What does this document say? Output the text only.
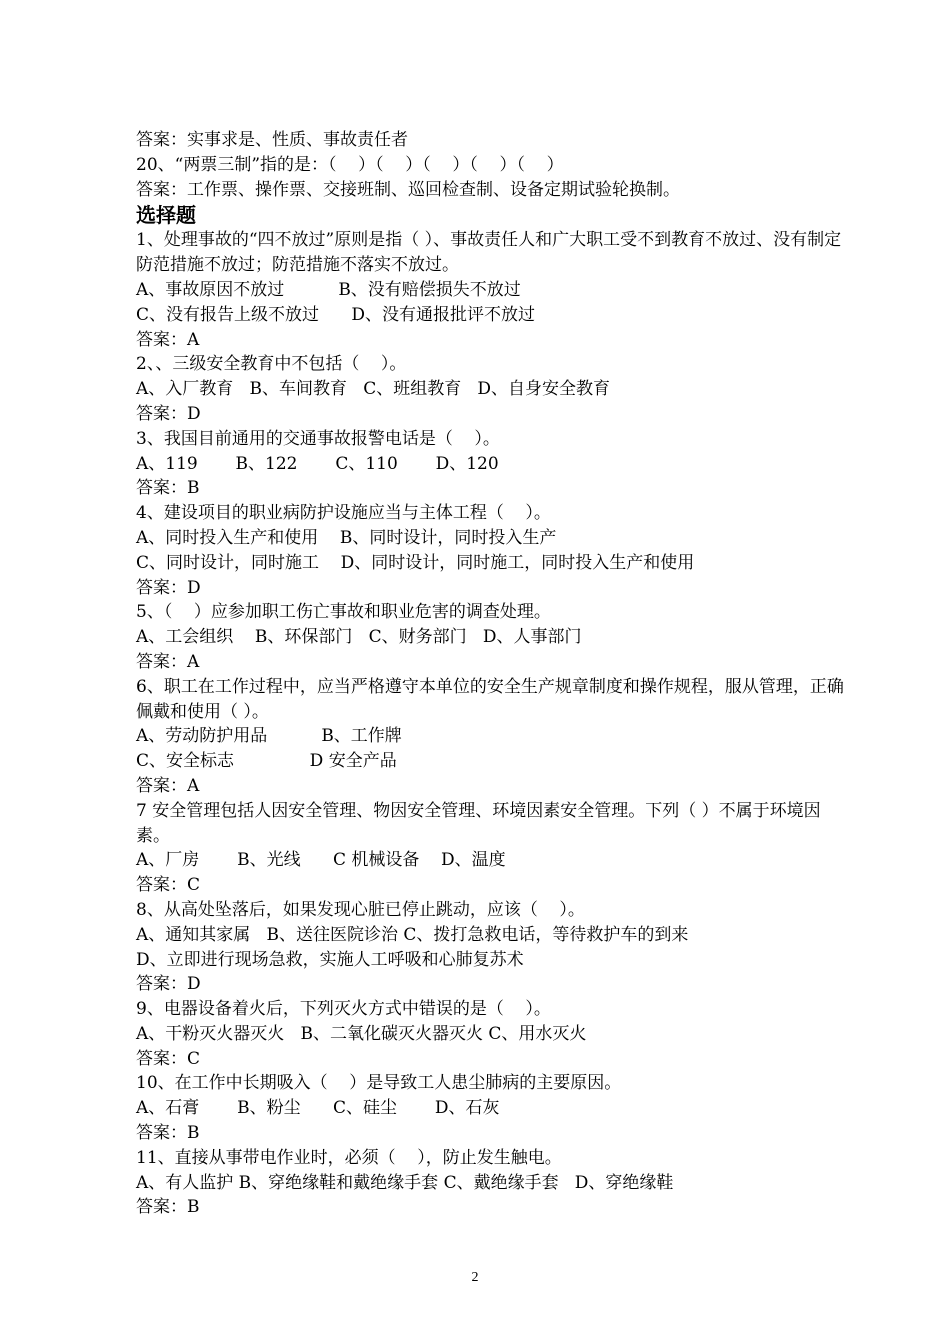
答案：实事求是、性质、事故责任者
20、“两票三制”指的是：（    ）（    ）（    ）（    ）（    ）
答案：工作票、操作票、交接班制、巡回检查制、设备定期试验轮换制。
选择题
1、处理事故的“四不放过”原则是指（ ）、事故责任人和广大职工受不到教育不放过、没有制定防范措施不放过；防范措施不落实不放过。
A、事故原因不放过          B、没有赔偿损失不放过
C、没有报告上级不放过      D、没有通报批评不放过
答案：A
2、、三级安全教育中不包括（    ）。
A、入厂教育   B、车间教育   C、班组教育   D、自身安全教育
答案：D
3、我国目前通用的交通事故报警电话是（    ）。
A、119       B、122       C、110       D、120
答案：B
4、建设项目的职业病防护设施应当与主体工程（    ）。
A、同时投入生产和使用    B、同时设计，同时投入生产
C、同时设计，同时施工    D、同时设计，同时施工，同时投入生产和使用
答案：D
5、（    ）应参加职工伤亡事故和职业危害的调查处理。
A、工会组织    B、环保部门   C、财务部门   D、人事部门
答案：A
6、职工在工作过程中，应当严格遵守本单位的安全生产规章制度和操作规程，服从管理，正确佩戴和使用（ ）。
A、劳动防护用品          B、工作牌
C、安全标志              D 安全产品
答案：A
7 安全管理包括人因安全管理、物因安全管理、环境因素安全管理。下列（ ）不属于环境因素。
A、厂房       B、光线      C 机械设备    D、温度
答案：C
8、从高处坠落后，如果发现心脏已停止跳动，应该（    ）。
A、通知其家属   B、送往医院诊治 C、拨打急救电话，等待救护车的到来
D、立即进行现场急救，实施人工呼吸和心肺复苏术
答案：D
9、电器设备着火后，下列灭火方式中错误的是（    ）。
A、干粉灭火器灭火   B、二氧化碳灭火器灭火 C、用水灭火
答案：C
10、在工作中长期吸入（    ）是导致工人患尘肺病的主要原因。
A、石膏       B、粉尘      C、硅尘       D、石灰
答案：B
11、直接从事带电作业时，必须（    ），防止发生触电。
A、有人监护 B、穿绝缘鞋和戴绝缘手套 C、戴绝缘手套   D、穿绝缘鞋
答案：B
2
